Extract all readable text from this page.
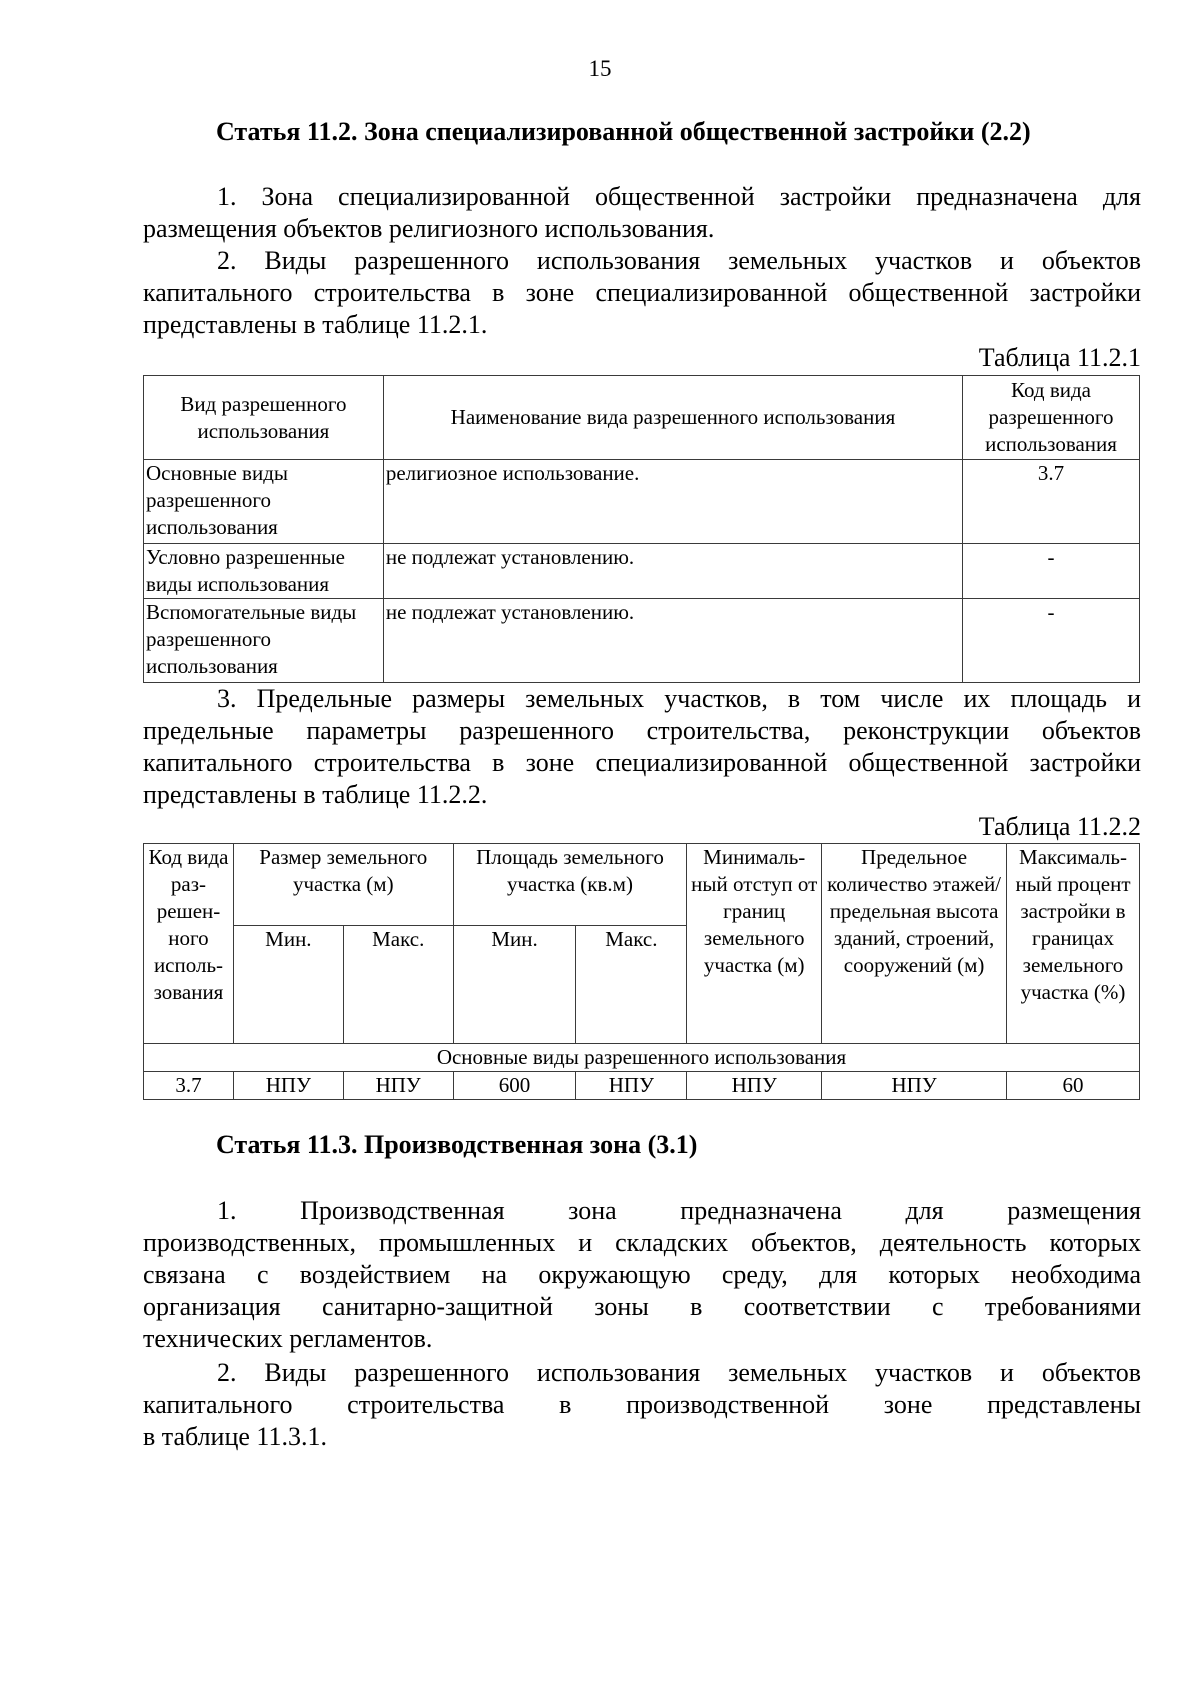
15
Статья 11.2. Зона специализированной общественной застройки (2.2)
1. Зона специализированной общественной застройки предназначена для
размещения объектов религиозного использования.
2. Виды разрешенного использования земельных участков и объектов
капитального строительства в зоне специализированной общественной застройки
представлены в таблице 11.2.1.
Таблица 11.2.1
Вид разрешенного использования	Наименование вида разрешенного использования	Код вида разрешенного использования
Основные виды разрешенного использования	религиозное использование.	3.7
Условно разрешенные виды использования	не подлежат установлению.	-
Вспомогательные виды разрешенного использования	не подлежат установлению.	-
3. Предельные размеры земельных участков, в том числе их площадь и
предельные параметры разрешенного строительства, реконструкции объектов
капитального строительства в зоне специализированной общественной застройки
представлены в таблице 11.2.2.
Таблица 11.2.2
Код вида раз-решен-ного исполь-зования	Размер земельного участка (м)		Площадь земельного участка (кв.м)		Минималь-ный отступ от границ земельного участка (м)	Предельное количество этажей/ предельная высота зданий, строений, сооружений (м)	Максималь-ный процент застройки в границах земельного участка (%)
	Мин.	Макс.	Мин.	Макс.			
Основные виды разрешенного использования							
3.7	НПУ	НПУ	600	НПУ	НПУ	НПУ	60
Статья 11.3. Производственная зона (3.1)
1. Производственная зона предназначена для размещения
производственных, промышленных и складских объектов, деятельность которых
связана с воздействием на окружающую среду, для которых необходима
организация санитарно-защитной зоны в соответствии с требованиями
технических регламентов.
2. Виды разрешенного использования земельных участков и объектов
капитального строительства в производственной зоне представлены
в таблице 11.3.1.
